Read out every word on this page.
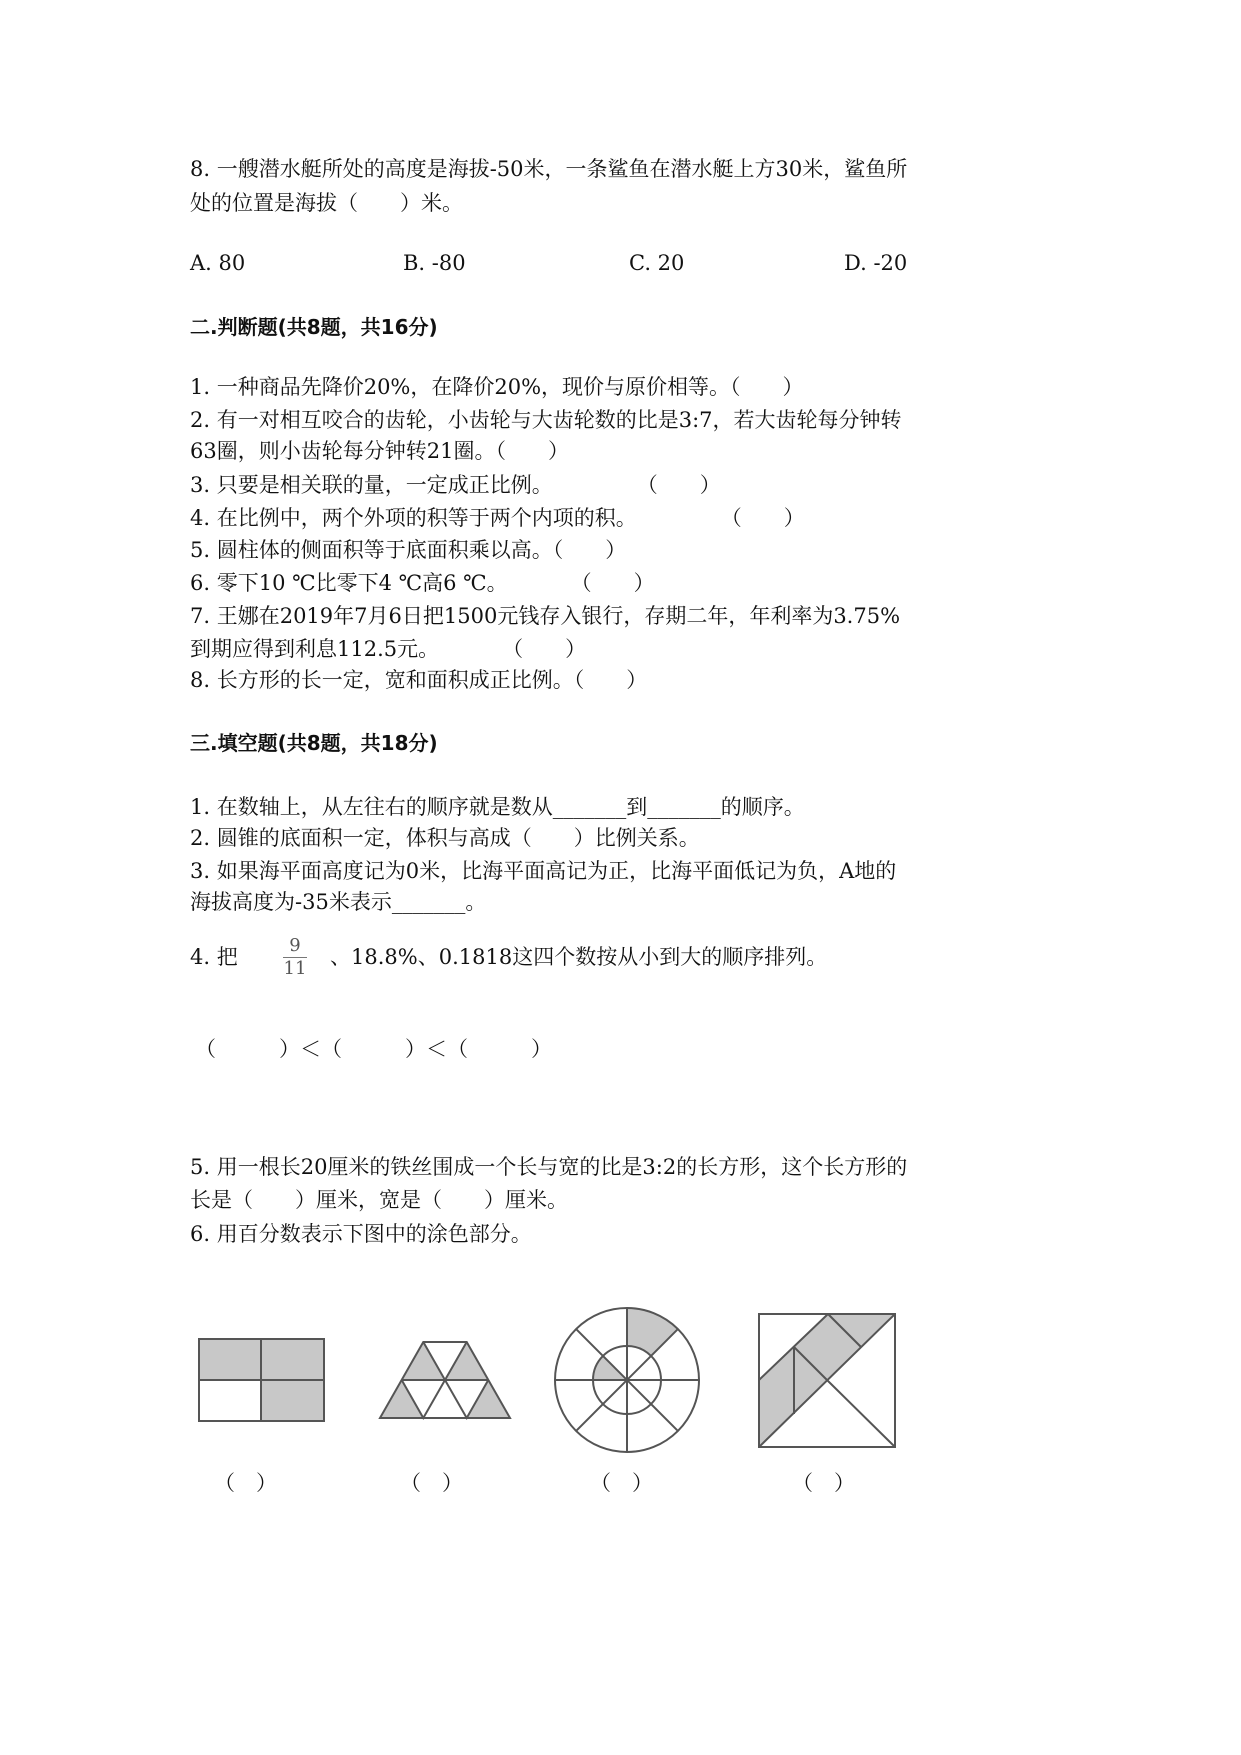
8. 一艘潜水艇所处的高度是海拔-50米，一条鲨鱼在潜水艇上方30米，鲨鱼所
处的位置是海拔（　　）米。
A. 80	B. -80	C. 20	D. -20
二.判断题(共8题，共16分)
1. 一种商品先降价20%，在降价20%，现价与原价相等。（　　）
2. 有一对相互咬合的齿轮，小齿轮与大齿轮数的比是3:7，若大齿轮每分钟转
63圈，则小齿轮每分钟转21圈。（　　）
3. 只要是相关联的量，一定成正比例。　　　　　（　　）
4. 在比例中，两个外项的积等于两个内项的积。　　　　　（　　）
5. 圆柱体的侧面积等于底面积乘以高。（　　）
6. 零下10 ℃比零下4 ℃高6 ℃。　　　　（　　）
7. 王娜在2019年7月6日把1500元钱存入银行，存期二年，年利率为3.75%
到期应得到利息112.5元。　　　　（　　）
8. 长方形的长一定，宽和面积成正比例。（　　）
三.填空题(共8题，共18分)
1. 在数轴上，从左往右的顺序就是数从_______到_______的顺序。
2. 圆锥的底面积一定，体积与高成（　　）比例关系。
3. 如果海平面高度记为0米，比海平面高记为正，比海平面低记为负，A地的
海拔高度为-35米表示_______。
4. 把	9
11 、18.8%、0.1818这四个数按从小到大的顺序排列。
（　　　）＜（　　　）＜（　　　）
5. 用一根长20厘米的铁丝围成一个长与宽的比是3:2的长方形，这个长方形的
长是（　　）厘米，宽是（　　）厘米。
6. 用百分数表示下图中的涂色部分。
（　）	（　）	（　）	（　）
